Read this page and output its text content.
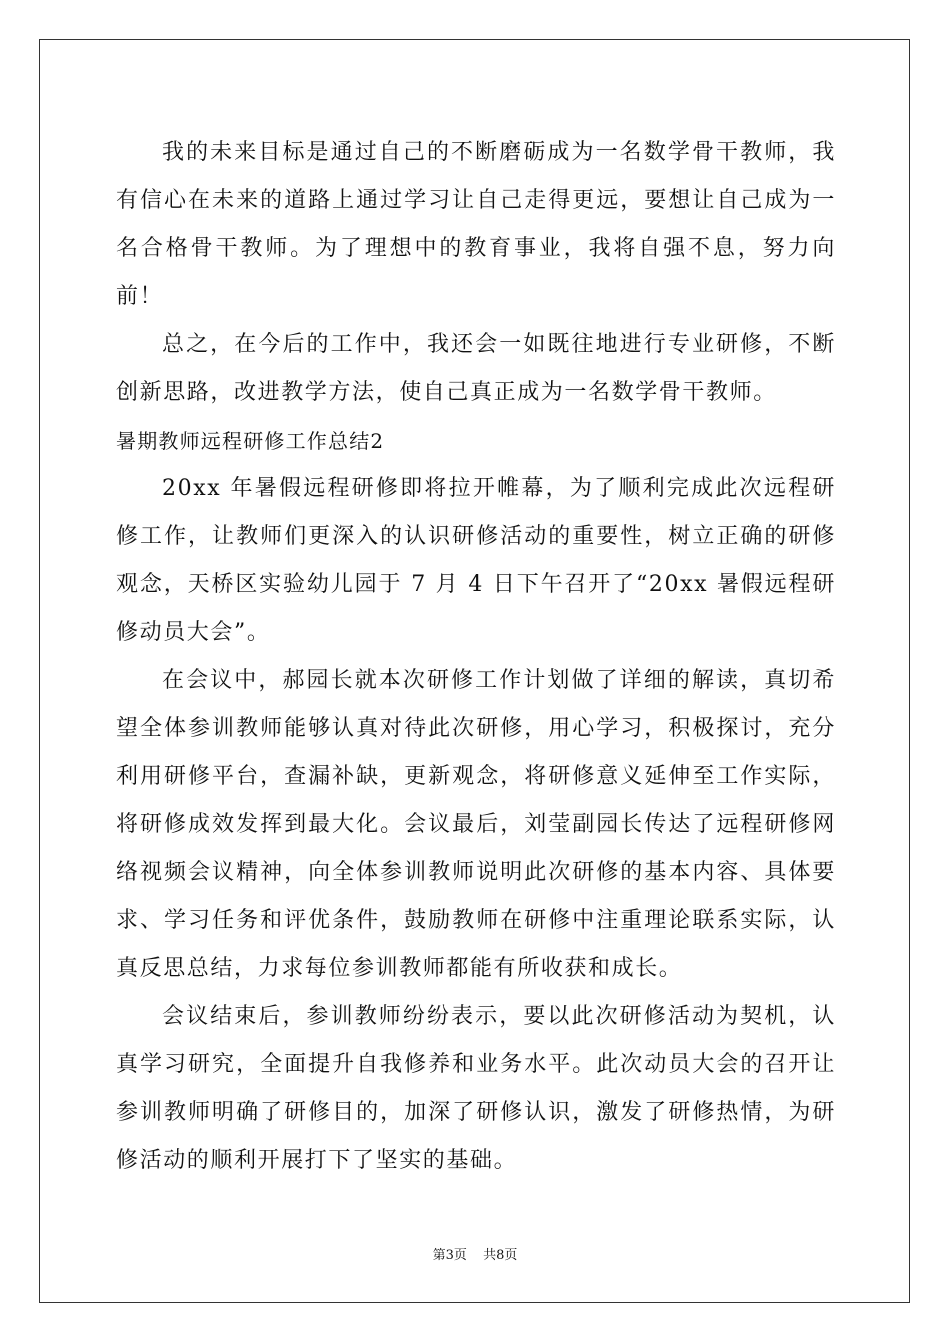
我的未来目标是通过自己的不断磨砺成为一名数学骨干教师，我有信心在未来的道路上通过学习让自己走得更远，要想让自己成为一名合格骨干教师。为了理想中的教育事业，我将自强不息，努力向前！

总之，在今后的工作中，我还会一如既往地进行专业研修，不断创新思路，改进教学方法，使自己真正成为一名数学骨干教师。

暑期教师远程研修工作总结2

20xx 年暑假远程研修即将拉开帷幕，为了顺利完成此次远程研修工作，让教师们更深入的认识研修活动的重要性，树立正确的研修观念，天桥区实验幼儿园于 7 月 4 日下午召开了“20xx 暑假远程研修动员大会”。

在会议中，郝园长就本次研修工作计划做了详细的解读，真切希望全体参训教师能够认真对待此次研修，用心学习，积极探讨，充分利用研修平台，查漏补缺，更新观念，将研修意义延伸至工作实际，将研修成效发挥到最大化。会议最后，刘莹副园长传达了远程研修网络视频会议精神，向全体参训教师说明此次研修的基本内容、具体要求、学习任务和评优条件，鼓励教师在研修中注重理论联系实际，认真反思总结，力求每位参训教师都能有所收获和成长。

会议结束后，参训教师纷纷表示，要以此次研修活动为契机，认真学习研究，全面提升自我修养和业务水平。此次动员大会的召开让参训教师明确了研修目的，加深了研修认识，激发了研修热情，为研修活动的顺利开展打下了坚实的基础。

第3页 共8页
